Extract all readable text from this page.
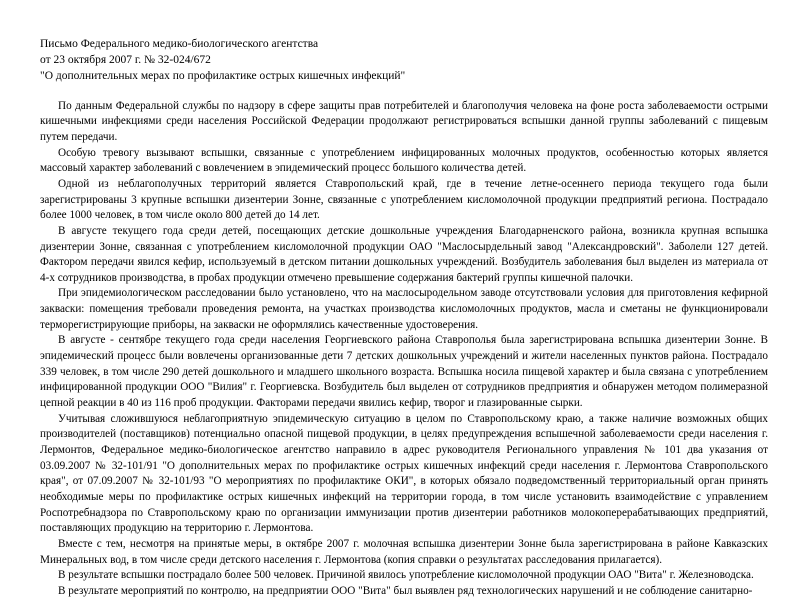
Письмо Федерального медико-биологического агентства
от 23 октября 2007 г. № 32-024/672
"О дополнительных мерах по профилактике острых кишечных инфекций"

По данным Федеральной службы по надзору в сфере защиты прав потребителей и благополучия человека на фоне роста заболеваемости острыми кишечными инфекциями среди населения Российской Федерации продолжают регистрироваться вспышки данной группы заболеваний с пищевым путем передачи.

Особую тревогу вызывают вспышки, связанные с употреблением инфицированных молочных продуктов, особенностью которых является массовый характер заболеваний с вовлечением в эпидемический процесс большого количества детей.

Одной из неблагополучных территорий является Ставропольский край, где в течение летне-осеннего периода текущего года были зарегистрированы 3 крупные вспышки дизентерии Зонне, связанные с употреблением кисломолочной продукции предприятий региона. Пострадало более 1000 человек, в том числе около 800 детей до 14 лет.

В августе текущего года среди детей, посещающих детские дошкольные учреждения Благодарненского района, возникла крупная вспышка дизентерии Зонне, связанная с употреблением кисломолочной продукции ОАО "Маслосырдельный завод "Александровский". Заболели 127 детей. Фактором передачи явился кефир, используемый в детском питании дошкольных учреждений. Возбудитель заболевания был выделен из материала от 4-х сотрудников производства, в пробах продукции отмечено превышение содержания бактерий группы кишечной палочки.

При эпидемиологическом расследовании было установлено, что на маслосыродельном заводе отсутствовали условия для приготовления кефирной закваски: помещения требовали проведения ремонта, на участках производства кисломолочных продуктов, масла и сметаны не функционировали терморегистрирующие приборы, на закваски не оформлялись качественные удостоверения.

В августе - сентябре текущего года среди населения Георгиевского района Ставрополья была зарегистрирована вспышка дизентерии Зонне. В эпидемический процесс были вовлечены организованные дети 7 детских дошкольных учреждений и жители населенных пунктов района. Пострадало 339 человек, в том числе 290 детей дошкольного и младшего школьного возраста. Вспышка носила пищевой характер и была связана с употреблением инфицированной продукции ООО "Вилия" г. Георгиевска. Возбудитель был выделен от сотрудников предприятия и обнаружен методом полимеразной цепной реакции в 40 из 116 проб продукции. Факторами передачи явились кефир, творог и глазированные сырки.

Учитывая сложившуюся неблагоприятную эпидемическую ситуацию в целом по Ставропольскому краю, а также наличие возможных общих производителей (поставщиков) потенциально опасной пищевой продукции, в целях предупреждения вспышечной заболеваемости среди населения г. Лермонтов, Федеральное медико-биологическое агентство направило в адрес руководителя Регионального управления № 101 два указания от 03.09.2007 № 32-101/91 "О дополнительных мерах по профилактике острых кишечных инфекций среди населения г. Лермонтова Ставропольского края", от 07.09.2007 № 32-101/93 "О мероприятиях по профилактике ОКИ", в которых обязало подведомственный территориальный орган принять необходимые меры по профилактике острых кишечных инфекций на территории города, в том числе установить взаимодействие с управлением Роспотребнадзора по Ставропольскому краю по организации иммунизации против дизентерии работников молокоперерабатывающих предприятий, поставляющих продукцию на территорию г. Лермонтова.

Вместе с тем, несмотря на принятые меры, в октябре 2007 г. молочная вспышка дизентерии Зонне была зарегистрирована в районе Кавказских Минеральных вод, в том числе среди детского населения г. Лермонтова (копия справки о результатах расследования прилагается).

В результате вспышки пострадало более 500 человек. Причиной явилось употребление кисломолочной продукции ОАО "Вита" г. Железноводска.

В результате мероприятий по контролю, на предприятии ООО "Вита" был выявлен ряд технологических нарушений и не соблюдение санитарно-
